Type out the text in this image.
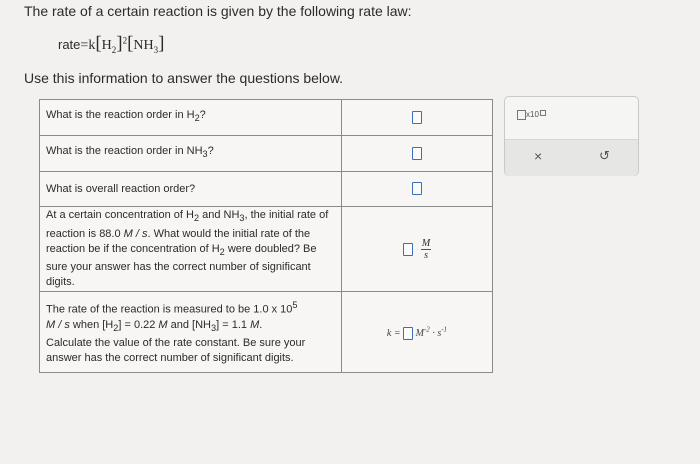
The rate of a certain reaction is given by the following rate law:
$rate=k[H_2]^2[NH_3]$
Use this information to answer the questions below.
What is the reaction order in $H_2$?	
What is the reaction order in $NH_3$?	
What is overall reaction order?	
At a certain concentration of $H_2$ and $NH_3$, the initial rate of reaction is 88.0 M / s. What would the initial rate of the reaction be if the concentration of $H_2$ were doubled? Be sure your answer has the correct number of significant digits.	$\frac{M}{s}$

The rate of the reaction is measured to be 1.0 x $10^5$
M / s when $[H_2] = 0.22$ M and $[NH_3] = 1.1$ M.
Calculate the value of the rate constant. Be sure your answer has the correct number of significant digits.	$k = M^{-2} \cdot s^{-1}$
x10
×	↺
